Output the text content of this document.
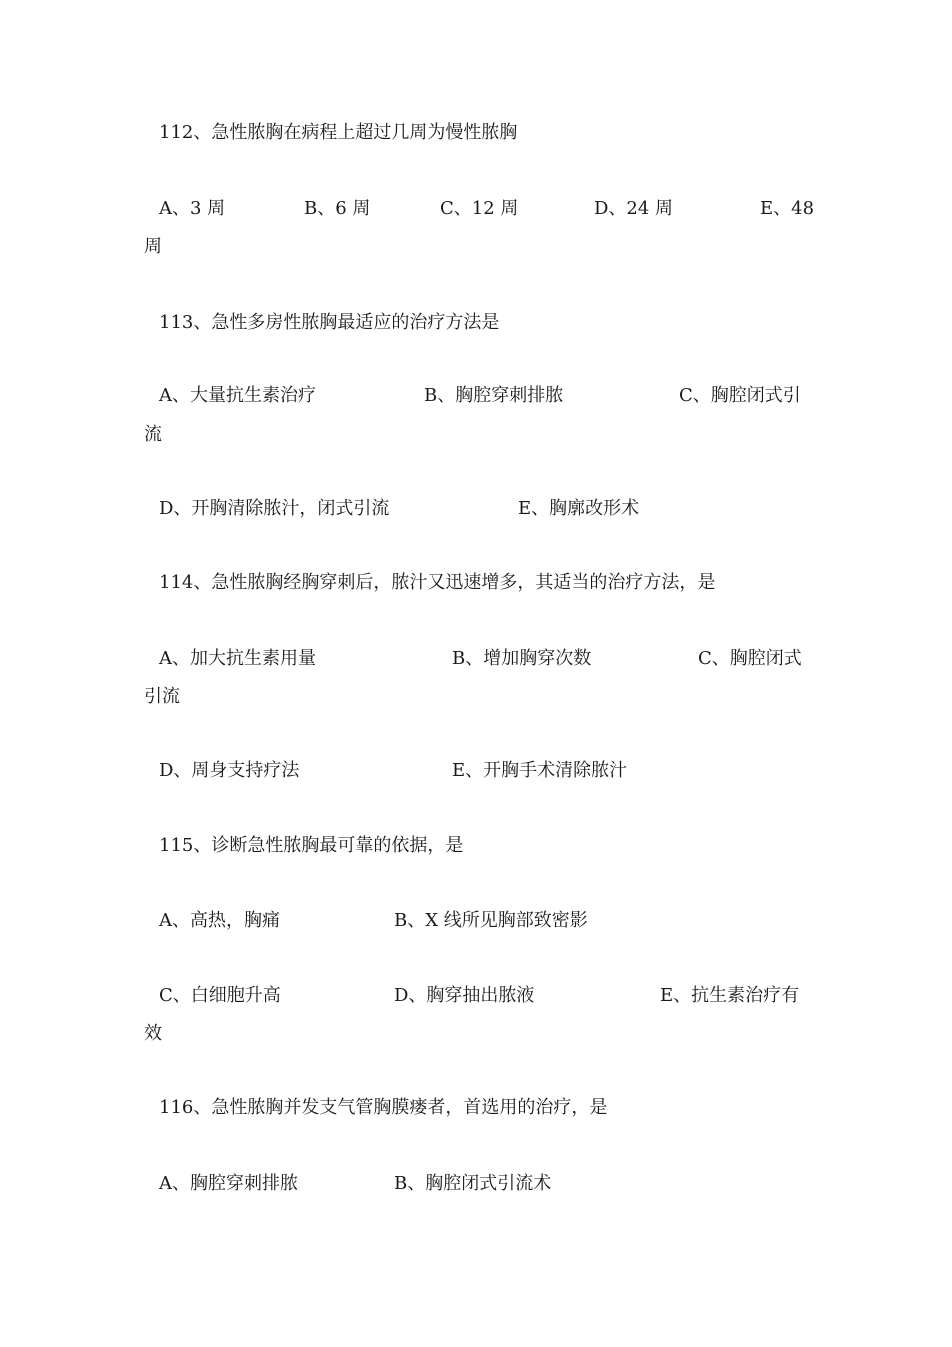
112、急性脓胸在病程上超过几周为慢性脓胸
A、3 周	B、6 周	C、12 周	D、24 周	E、48
周
113、急性多房性脓胸最适应的治疗方法是
A、大量抗生素治疗	B、胸腔穿刺排脓	C、胸腔闭式引
流
D、开胸清除脓汁，闭式引流	E、胸廓改形术
114、急性脓胸经胸穿刺后，脓汁又迅速增多，其适当的治疗方法，是
A、加大抗生素用量	B、增加胸穿次数	C、胸腔闭式
引流
D、周身支持疗法	E、开胸手术清除脓汁
115、诊断急性脓胸最可靠的依据，是
A、高热，胸痛	B、X 线所见胸部致密影
C、白细胞升高	D、胸穿抽出脓液	E、抗生素治疗有
效
116、急性脓胸并发支气管胸膜瘘者，首选用的治疗，是
A、胸腔穿刺排脓	B、胸腔闭式引流术
